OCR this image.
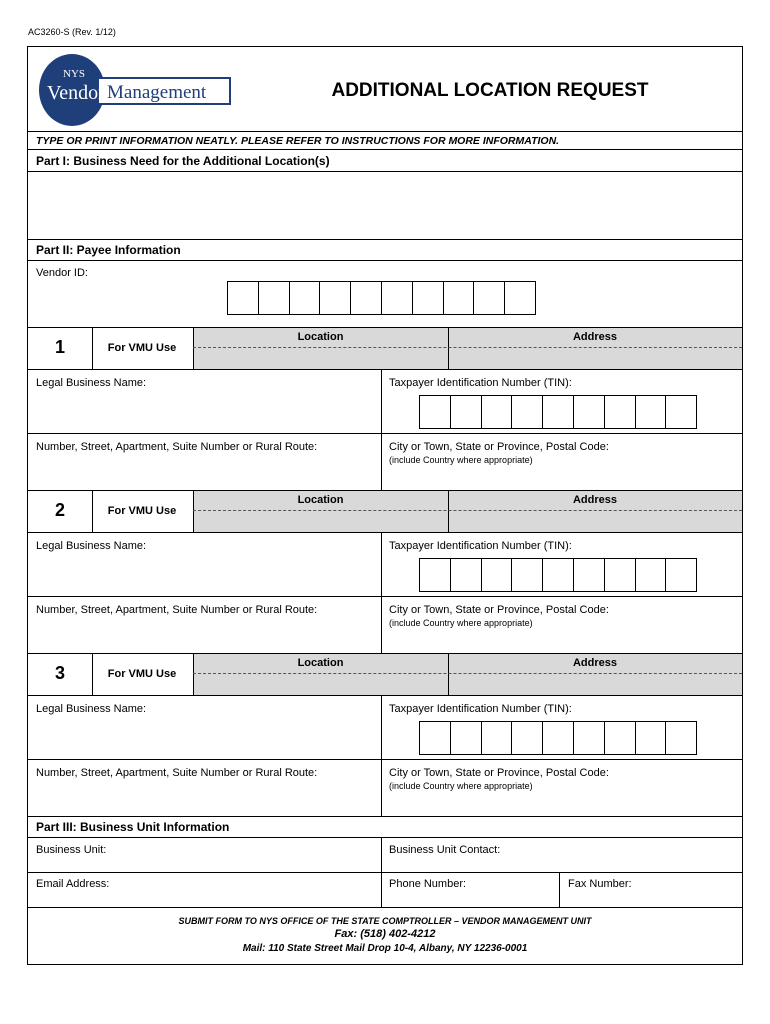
AC3260-S (Rev. 1/12)
NYS
Vendor Management	ADDITIONAL LOCATION REQUEST
TYPE OR PRINT INFORMATION NEATLY. PLEASE REFER TO INSTRUCTIONS FOR MORE INFORMATION.
Part I: Business Need for the Additional Location(s)
Part II: Payee Information
Vendor ID:
1	For VMU Use
Location	Address
Legal Business Name:	Taxpayer Identification Number (TIN):
Number, Street, Apartment, Suite Number or Rural Route:	City or Town, State or Province, Postal Code:
(include Country where appropriate)
2	For VMU Use
Location	Address
Legal Business Name:	Taxpayer Identification Number (TIN):
Number, Street, Apartment, Suite Number or Rural Route:	City or Town, State or Province, Postal Code:
(include Country where appropriate)
3	For VMU Use
Location	Address
Legal Business Name:	Taxpayer Identification Number (TIN):
Number, Street, Apartment, Suite Number or Rural Route:	City or Town, State or Province, Postal Code:
(include Country where appropriate)
Part III: Business Unit Information
Business Unit:	Business Unit Contact:
Email Address:	Phone Number:	Fax Number:
SUBMIT FORM TO NYS OFFICE OF THE STATE COMPTROLLER – VENDOR MANAGEMENT UNIT
Fax: (518) 402-4212
Mail: 110 State Street Mail Drop 10-4, Albany, NY 12236-0001
